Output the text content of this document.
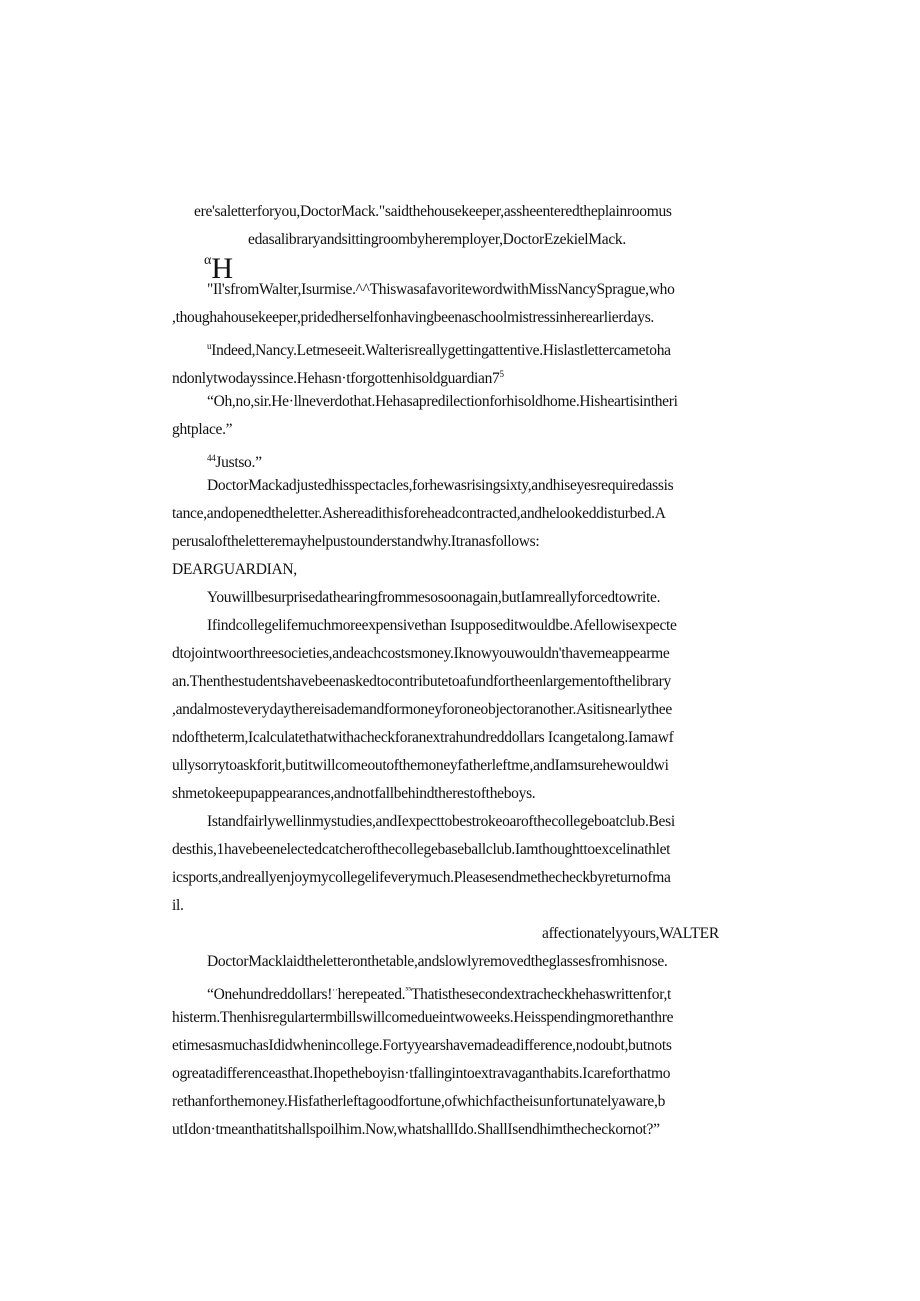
ere'saletterforyou,DoctorMack."saidthehousekeeper,assheenteredtheplainroomus
edasalibraryandsittingroombyheremployer,DoctorEzekielMack.
$^\alpha$H
"Il'sfromWalter,Isurmise.^^ThiswasafavoritewordwithMissNancySprague,who
,thoughahousekeeper,pridedherselfonhavingbeenaschoolmistressinherearlierdays.
$^u$Indeed,Nancy.Letmeseeit.Walterisreallygettingattentive.Hislastlettercametoha
$ndonlytwodayssince.Hehasn\cdot tforgottenhisoldguardian7^5$
“Oh,no,sir.He·llneverdothat.Hehasapredilectionforhisoldhome.Hisheartisintheri
ghtplace.”
$^{44}$Justso.”
DoctorMackadjustedhisspectacles,forhewasrisingsixty,andhiseyesrequiredassis
tance,andopenedtheletter.Ashereadithisforeheadcontracted,andhelookeddisturbed.A
perusaloftheletteremayhelpustounderstandwhy.Itranasfollows:
DEARGUARDIAN,
Youwillbesurprisedathearingfrommesosoonagain,butIamreallyforcedtowrite.
Ifindcollegelifemuchmoreexpensivethan Isupposeditwouldbe.Afellowisexpecte
dtojointwoorthreesocieties,andeachcostsmoney.Iknowyouwouldn'thavemeappearme
an.Thenthestudentshavebeenaskedtocontributetoafundfortheenlargementofthelibrary
,andalmosteverydaythereisademandformoneyforoneobjectoranother.Asitisnearlythee
ndoftheterm,Icalculatethatwithacheckforanextrahundreddollars Icangetalong.Iamawf
ullysorrytoaskforit,butitwillcomeoutofthemoneyfatherleftme,andIamsurehewouldwi
shmetokeepupappearances,andnotfallbehindtherestoftheboys.
Istandfairlywellinmystudies,andIexpecttobestrokeoarofthecollegeboatclub.Besi
desthis,1havebeenelectedcatcherofthecollegebaseballclub.Iamthoughttoexcelinathlet
icsports,andreallyenjoymycollegelifeverymuch.Pleasesendmethecheckbyreturnofma
il.
affectionatelyyours,WALTER
DoctorMacklaidtheletteronthetable,andslowlyremovedtheglassesfromhisnose.
“Onehundreddollars!··herepeated.$^{^{55}}$Thatisthesecondextracheckhehaswrittenfor,t
histerm.Thenhisregulartermbillswillcomedueintwoweeks.Heisspendingmorethanthre
etimesasmuchasIdidwhenincollege.Fortyyearshavemadeadifference,nodoubt,butnots
ogreatadifferenceasthat.Ihopetheboyisn·tfallingintoextravaganthabits.Icareforthatmo
rethanforthemoney.Hisfatherleftagoodfortune,ofwhichfactheisunfortunatelyaware,b
utIdon·tmeanthatitshallspoilhim.Now,whatshallIdo.ShallIsendhimthecheckornot?”
